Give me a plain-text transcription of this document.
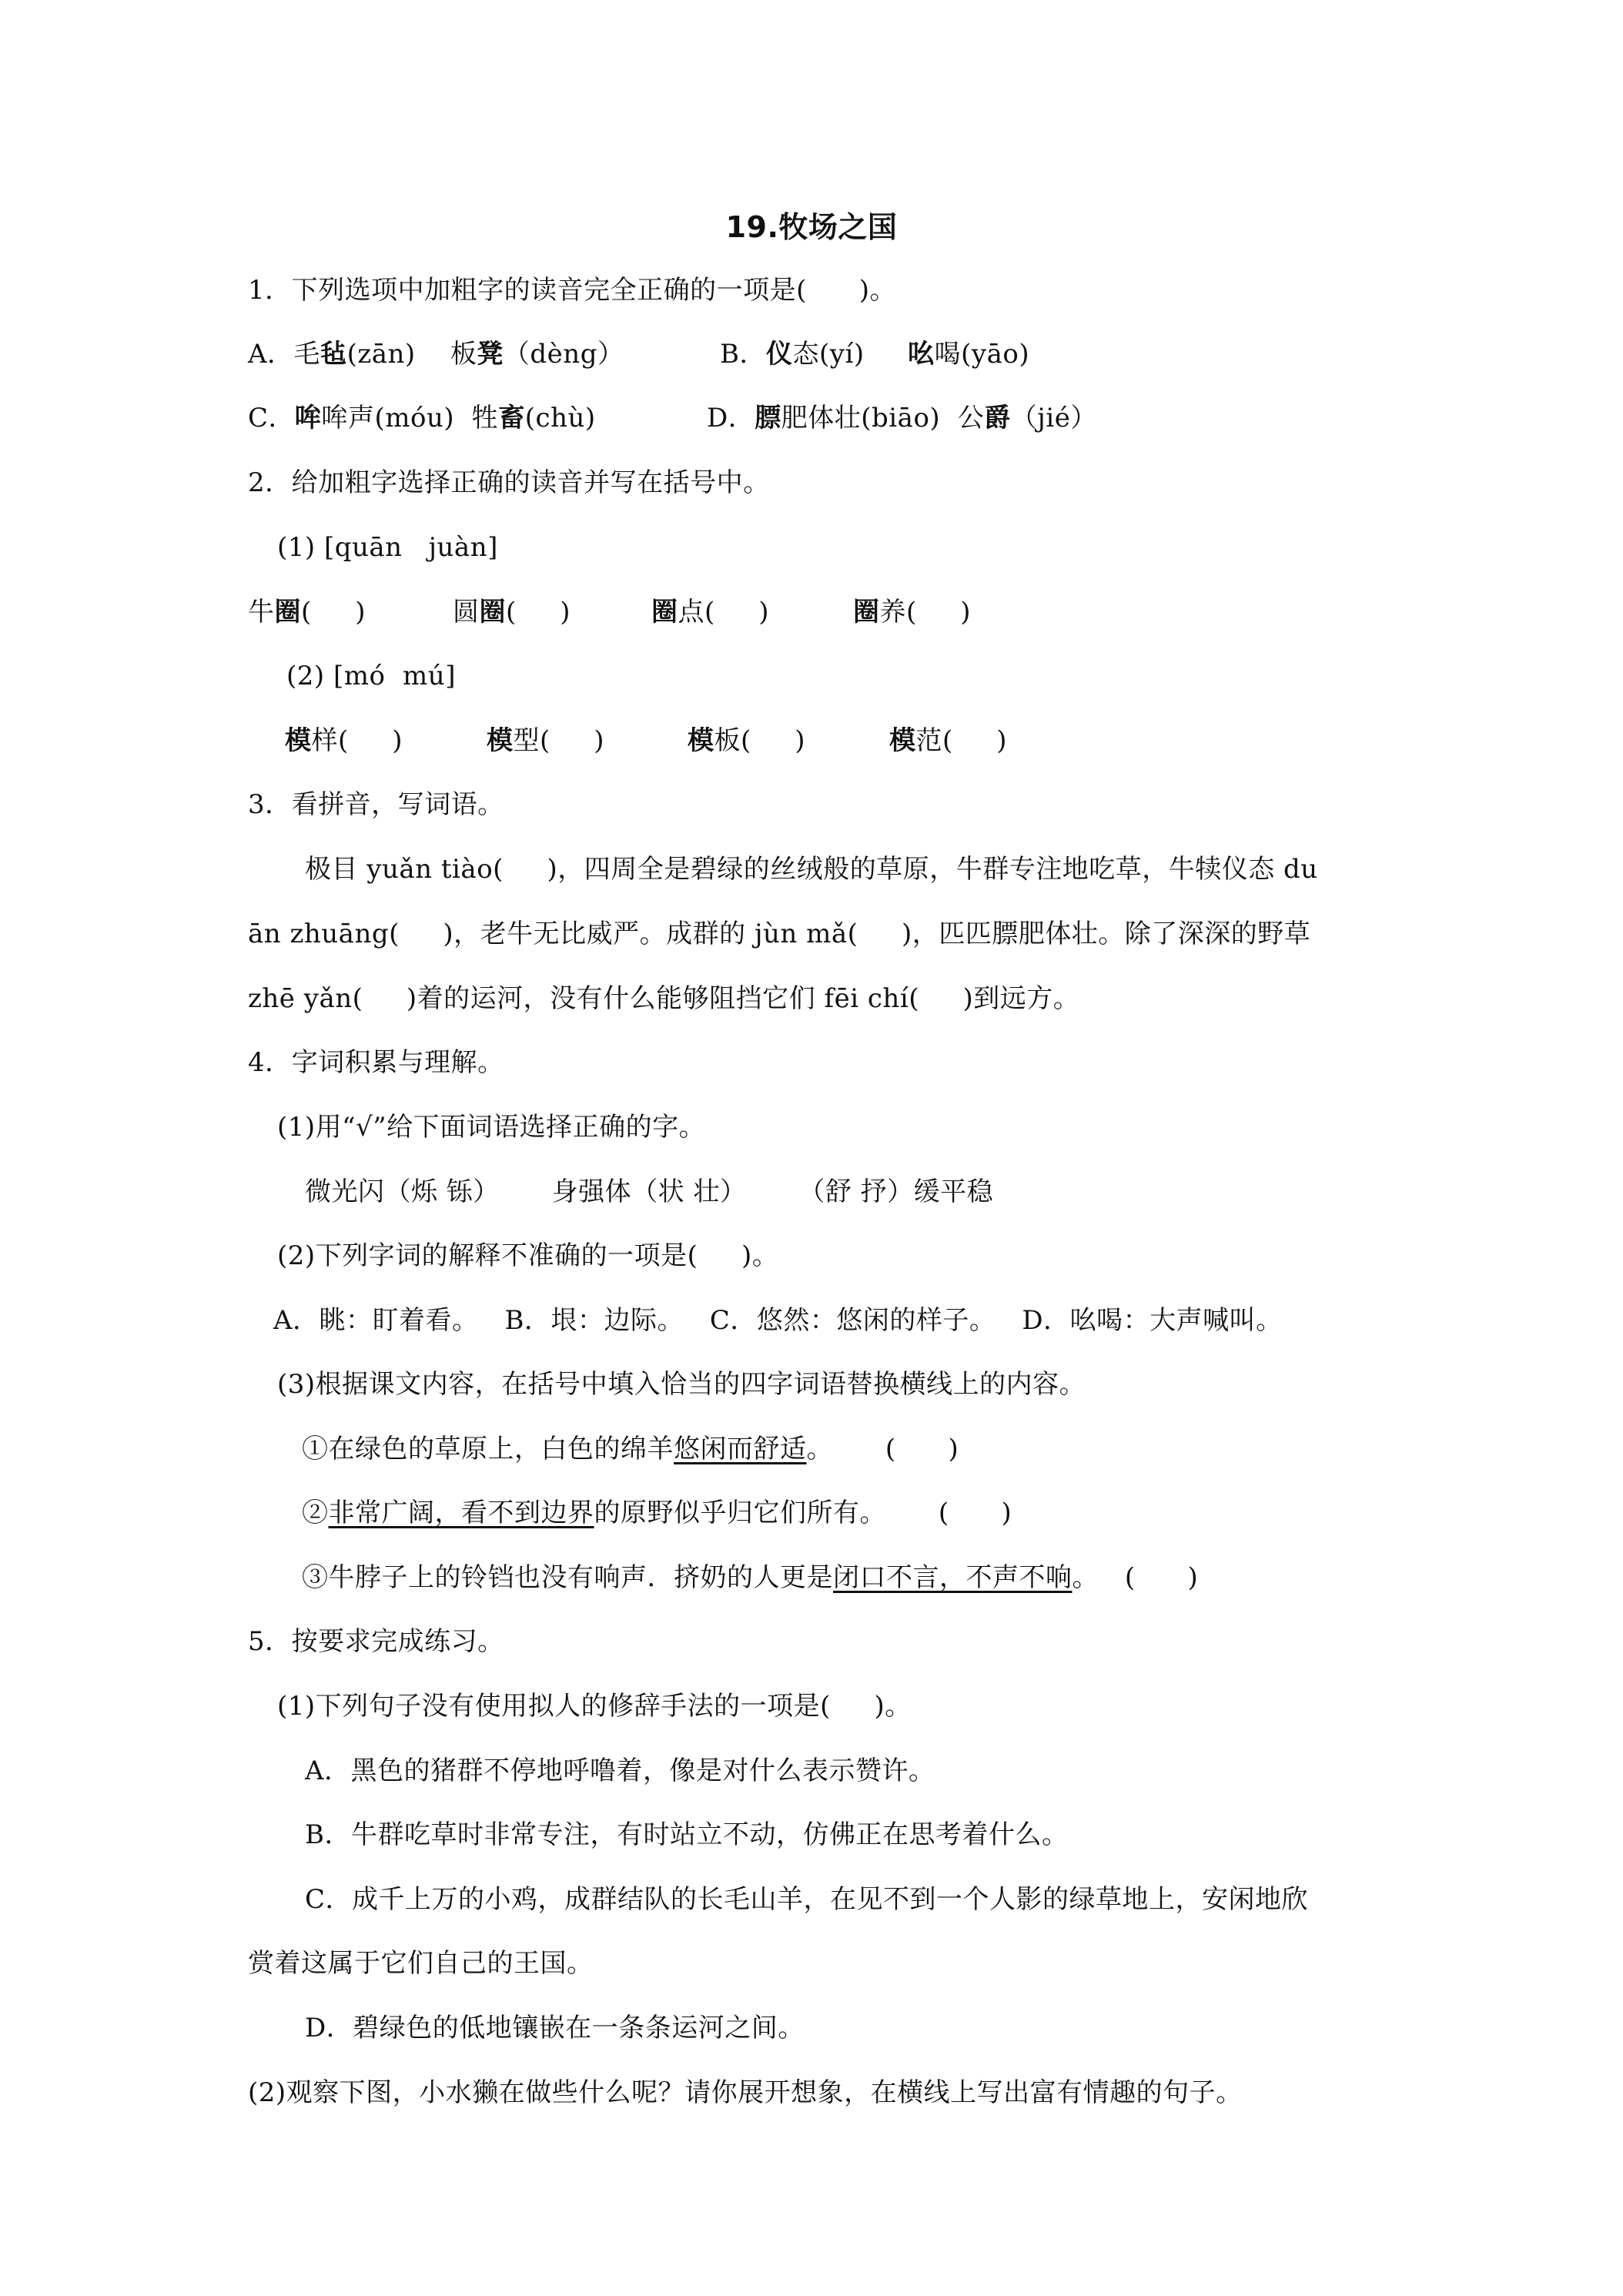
19.牧场之国
1．下列选项中加粗字的读音完全正确的一项是(      )。
A．毛毡(zān)    板凳（dèng）	B．仪态(yí)     吆喝(yāo)
C．哞哞声(móu)  牲畜(chù)	D．膘肥体壮(biāo)  公爵（jié）
2．给加粗字选择正确的读音并写在括号中。
(1) [quān   juàn]
牛圈(     )	圆圈(     )	圈点(     )	圈养(     )
(2) [mó  mú]
模样(     )	模型(     )	模板(     )	模范(     )
3．看拼音，写词语。
极目 yuǎn tiào(     )，四周全是碧绿的丝绒般的草原，牛群专注地吃草，牛犊仪态 du
ān zhuāng(     )，老牛无比威严。成群的 jùn mǎ(     )，匹匹膘肥体壮。除了深深的野草
zhē yǎn(     )着的运河，没有什么能够阻挡它们 fēi chí(     )到远方。
4．字词积累与理解。
(1)用“√”给下面词语选择正确的字。
微光闪（烁 铄）      身强体（状 壮）      （舒 抒）缓平稳
(2)下列字词的解释不准确的一项是(     )。
A．眺：盯着看。   B．垠：边际。   C．悠然：悠闲的样子。   D．吆喝：大声喊叫。
(3)根据课文内容，在括号中填入恰当的四字词语替换横线上的内容。
①在绿色的草原上，白色的绵羊悠闲而舒适。      (      )
②非常广阔，看不到边界的原野似乎归它们所有。      (      )
③牛脖子上的铃铛也没有响声．挤奶的人更是闭口不言，不声不响。   (      )
5．按要求完成练习。
(1)下列句子没有使用拟人的修辞手法的一项是(     )。
A．黑色的猪群不停地呼噜着，像是对什么表示赞许。
B．牛群吃草时非常专注，有时站立不动，仿佛正在思考着什么。
C．成千上万的小鸡，成群结队的长毛山羊，在见不到一个人影的绿草地上，安闲地欣
赏着这属于它们自己的王国。
D．碧绿色的低地镶嵌在一条条运河之间。
(2)观察下图，小水獭在做些什么呢？请你展开想象，在横线上写出富有情趣的句子。
